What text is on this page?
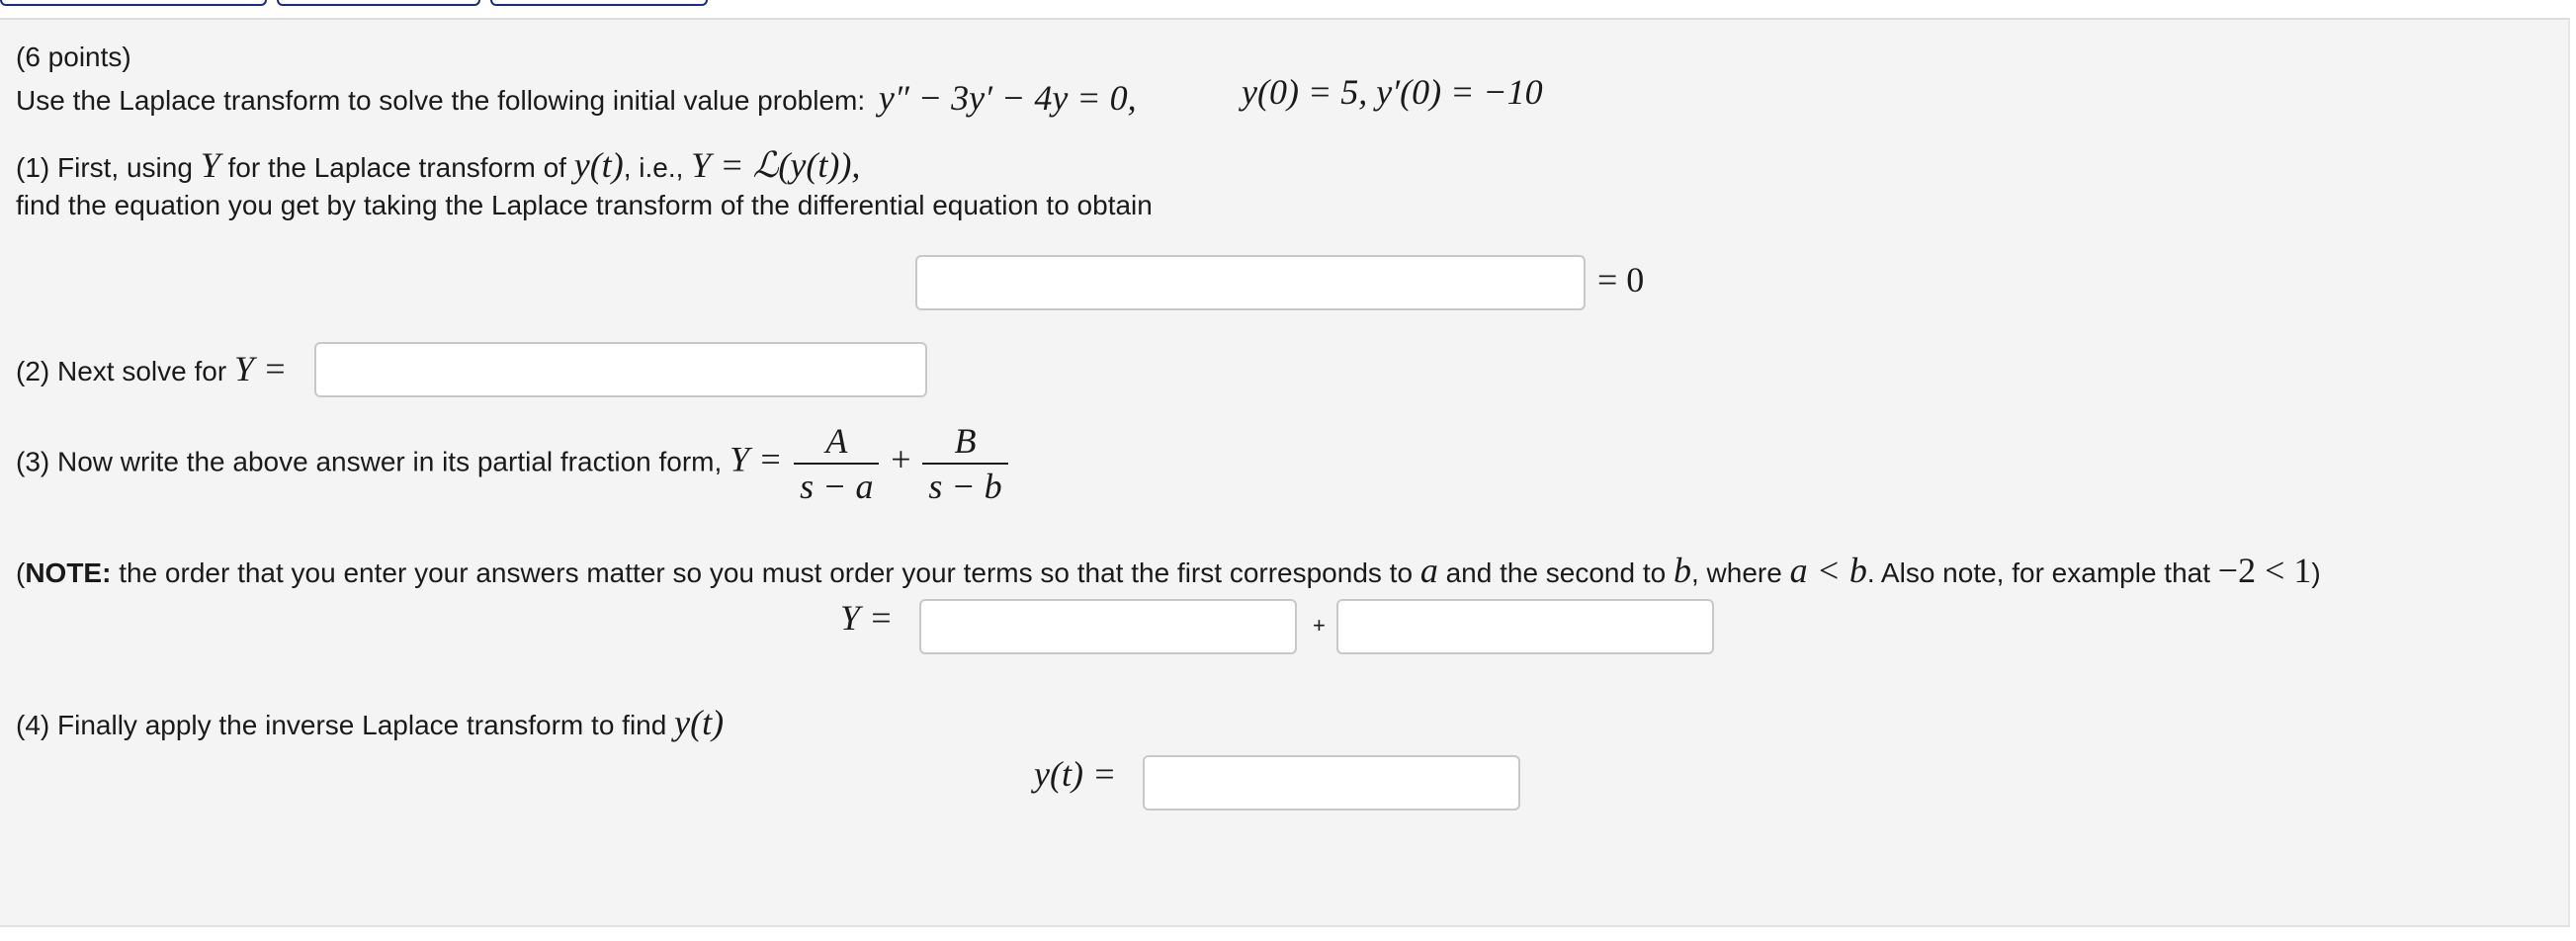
(6 points)
Use the Laplace transform to solve the following initial value problem: y″ − 3y′ − 4y = 0,	y(0) = 5, y′(0) = −10
(1) First, using Y for the Laplace transform of y(t), i.e., Y = ℒ(y(t)),
find the equation you get by taking the Laplace transform of the differential equation to obtain
= 0
(2) Next solve for Y =
(3) Now write the above answer in its partial fraction form, $Y = \frac{A}{s - a} + \frac{B}{s - b}$
(NOTE: the order that you enter your answers matter so you must order your terms so that the first corresponds to a and the second to b, where a < b. Also note, for example that −2 < 1)
Y =	+
(4) Finally apply the inverse Laplace transform to find y(t)
y(t) =
